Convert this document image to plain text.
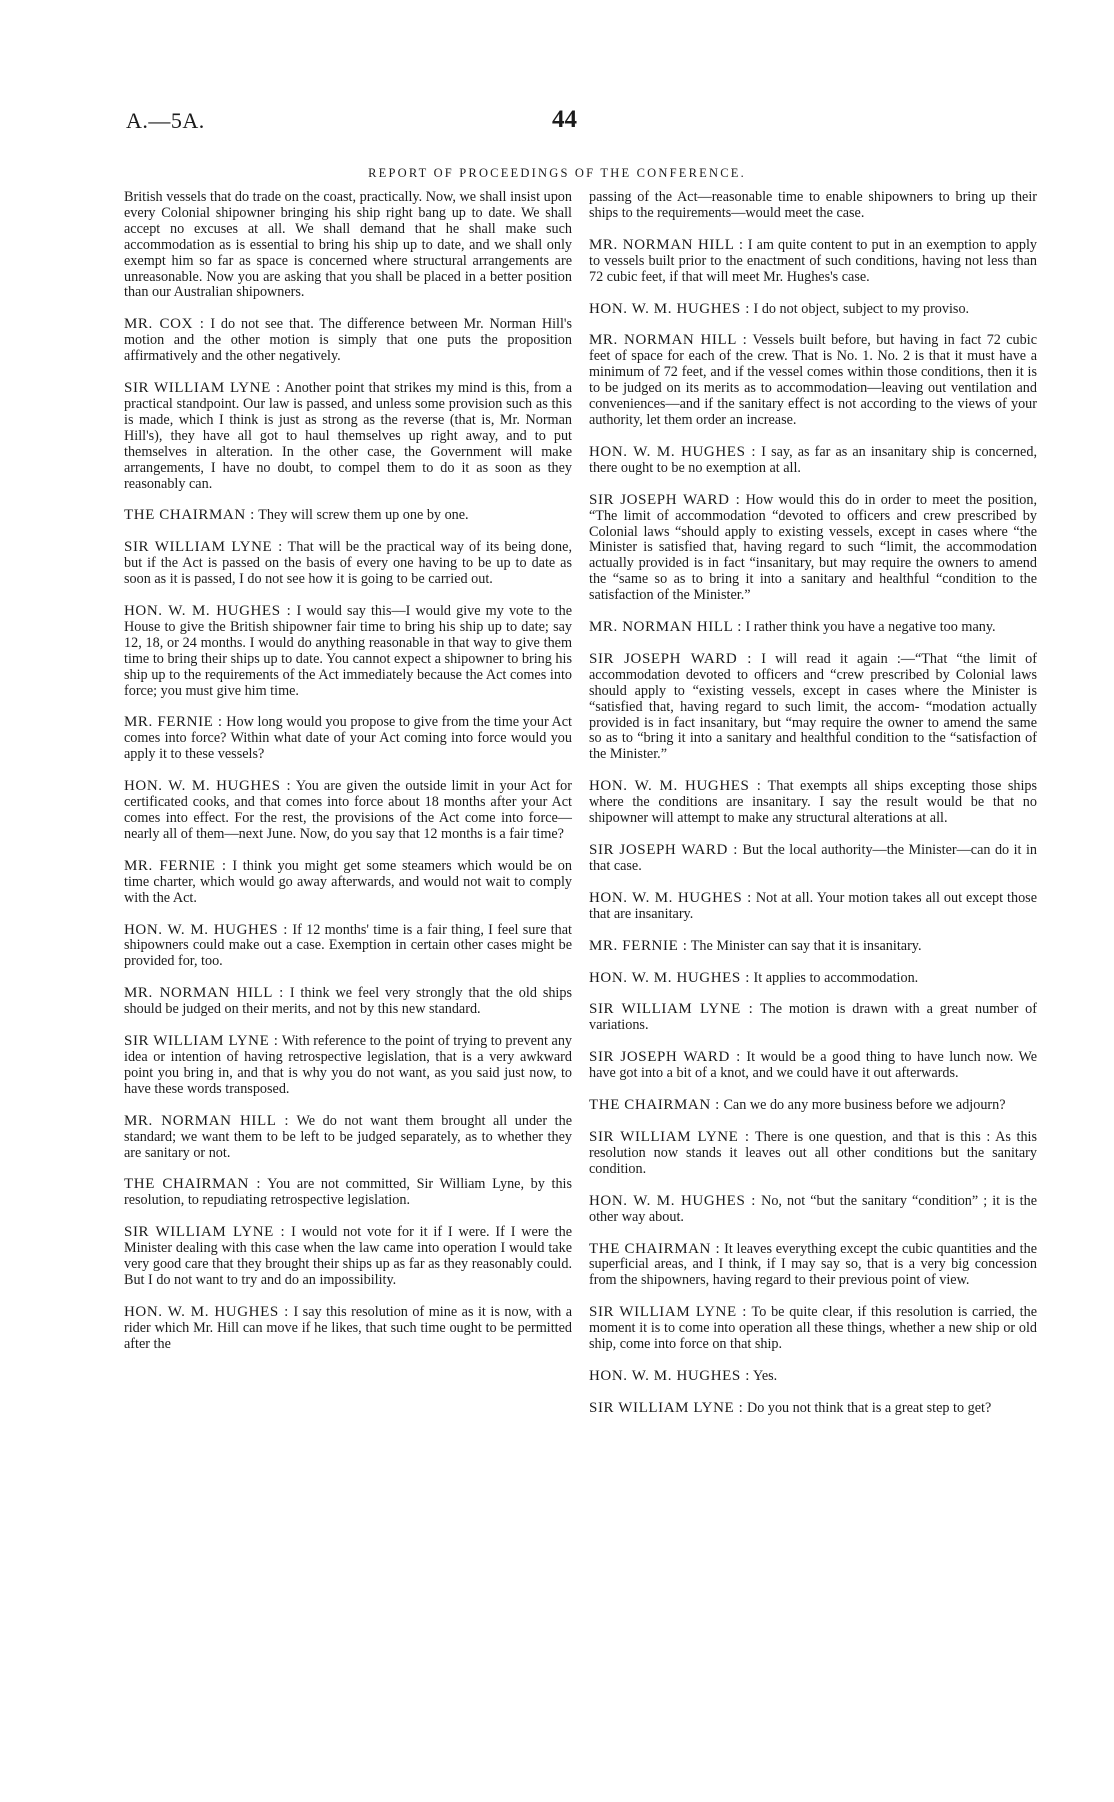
A.—5A.	44
REPORT OF PROCEEDINGS OF THE CONFERENCE.

British vessels that do trade on the coast, practically. Now, we shall insist upon every Colonial shipowner bringing his ship right bang up to date. We shall accept no excuses at all. We shall demand that he shall make such accommodation as is essential to bring his ship up to date, and we shall only exempt him so far as space is concerned where structural arrangements are unreasonable. Now you are asking that you shall be placed in a better position than our Australian shipowners.

MR. COX : I do not see that. The difference between Mr. Norman Hill's motion and the other motion is simply that one puts the proposition affirmatively and the other negatively.

SIR WILLIAM LYNE : Another point that strikes my mind is this, from a practical standpoint. Our law is passed, and unless some provision such as this is made, which I think is just as strong as the reverse (that is, Mr. Norman Hill's), they have all got to haul themselves up right away, and to put themselves in alteration. In the other case, the Government will make arrangements, I have no doubt, to compel them to do it as soon as they reasonably can.

THE CHAIRMAN : They will screw them up one by one.

SIR WILLIAM LYNE : That will be the practical way of its being done, but if the Act is passed on the basis of every one having to be up to date as soon as it is passed, I do not see how it is going to be carried out.

HON. W. M. HUGHES : I would say this—I would give my vote to the House to give the British shipowner fair time to bring his ship up to date; say 12, 18, or 24 months. I would do anything reasonable in that way to give them time to bring their ships up to date. You cannot expect a shipowner to bring his ship up to the requirements of the Act immediately because the Act comes into force; you must give him time.

MR. FERNIE : How long would you propose to give from the time your Act comes into force? Within what date of your Act coming into force would you apply it to these vessels?

HON. W. M. HUGHES : You are given the outside limit in your Act for certificated cooks, and that comes into force about 18 months after your Act comes into effect. For the rest, the provisions of the Act come into force—nearly all of them—next June. Now, do you say that 12 months is a fair time?

MR. FERNIE : I think you might get some steamers which would be on time charter, which would go away afterwards, and would not wait to comply with the Act.

HON. W. M. HUGHES : If 12 months' time is a fair thing, I feel sure that shipowners could make out a case. Exemption in certain other cases might be provided for, too.

MR. NORMAN HILL : I think we feel very strongly that the old ships should be judged on their merits, and not by this new standard.

SIR WILLIAM LYNE : With reference to the point of trying to prevent any idea or intention of having retrospective legislation, that is a very awkward point you bring in, and that is why you do not want, as you said just now, to have these words transposed.

MR. NORMAN HILL : We do not want them brought all under the standard; we want them to be left to be judged separately, as to whether they are sanitary or not.

THE CHAIRMAN : You are not committed, Sir William Lyne, by this resolution, to repudiating retrospective legislation.

SIR WILLIAM LYNE : I would not vote for it if I were. If I were the Minister dealing with this case when the law came into operation I would take very good care that they brought their ships up as far as they reasonably could. But I do not want to try and do an impossibility.

HON. W. M. HUGHES : I say this resolution of mine as it is now, with a rider which Mr. Hill can move if he likes, that such time ought to be permitted after the

passing of the Act—reasonable time to enable shipowners to bring up their ships to the requirements—would meet the case.

MR. NORMAN HILL : I am quite content to put in an exemption to apply to vessels built prior to the enactment of such conditions, having not less than 72 cubic feet, if that will meet Mr. Hughes's case.

HON. W. M. HUGHES : I do not object, subject to my proviso.

MR. NORMAN HILL : Vessels built before, but having in fact 72 cubic feet of space for each of the crew. That is No. 1. No. 2 is that it must have a minimum of 72 feet, and if the vessel comes within those conditions, then it is to be judged on its merits as to accommodation—leaving out ventilation and conveniences—and if the sanitary effect is not according to the views of your authority, let them order an increase.

HON. W. M. HUGHES : I say, as far as an insanitary ship is concerned, there ought to be no exemption at all.

SIR JOSEPH WARD : How would this do in order to meet the position, “The limit of accommodation “devoted to officers and crew prescribed by Colonial laws “should apply to existing vessels, except in cases where “the Minister is satisfied that, having regard to such “limit, the accommodation actually provided is in fact “insanitary, but may require the owners to amend the “same so as to bring it into a sanitary and healthful “condition to the satisfaction of the Minister.”

MR. NORMAN HILL : I rather think you have a negative too many.

SIR JOSEPH WARD : I will read it again :—“That “the limit of accommodation devoted to officers and “crew prescribed by Colonial laws should apply to “existing vessels, except in cases where the Minister is “satisfied that, having regard to such limit, the accom- “modation actually provided is in fact insanitary, but “may require the owner to amend the same so as to “bring it into a sanitary and healthful condition to the “satisfaction of the Minister.”

HON. W. M. HUGHES : That exempts all ships excepting those ships where the conditions are insanitary. I say the result would be that no shipowner will attempt to make any structural alterations at all.

SIR JOSEPH WARD : But the local authority—the Minister—can do it in that case.

HON. W. M. HUGHES : Not at all. Your motion takes all out except those that are insanitary.

MR. FERNIE : The Minister can say that it is insanitary.

HON. W. M. HUGHES : It applies to accommodation.

SIR WILLIAM LYNE : The motion is drawn with a great number of variations.

SIR JOSEPH WARD : It would be a good thing to have lunch now. We have got into a bit of a knot, and we could have it out afterwards.

THE CHAIRMAN : Can we do any more business before we adjourn?

SIR WILLIAM LYNE : There is one question, and that is this : As this resolution now stands it leaves out all other conditions but the sanitary condition.

HON. W. M. HUGHES : No, not “but the sanitary “condition” ; it is the other way about.

THE CHAIRMAN : It leaves everything except the cubic quantities and the superficial areas, and I think, if I may say so, that is a very big concession from the shipowners, having regard to their previous point of view.

SIR WILLIAM LYNE : To be quite clear, if this resolution is carried, the moment it is to come into operation all these things, whether a new ship or old ship, come into force on that ship.

HON. W. M. HUGHES : Yes.

SIR WILLIAM LYNE : Do you not think that is a great step to get?
